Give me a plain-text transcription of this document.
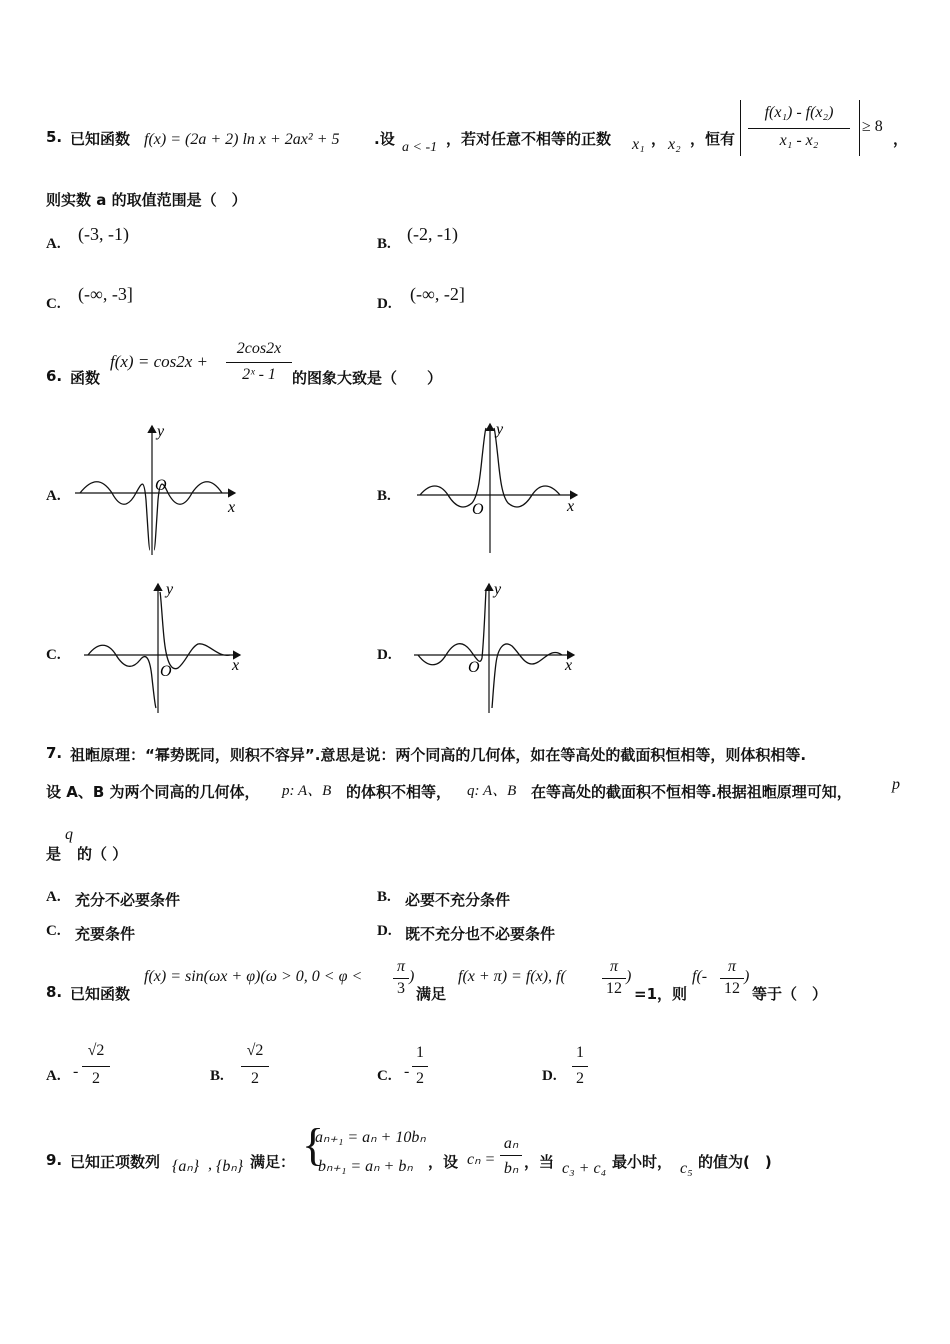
5. 已知函数 f(x) = (2a + 2) ln x + 2ax² + 5 .设 a < -1 ，若对任意不相等的正数 x₁ ， x₂ ，恒有
f(x₁) - f(x₂)
x₁ - x₂
≥ 8
，
则实数 a 的取值范围是（　）
A. (-3, -1)	B. (-2, -1)
C. (-∞, -3]	D. (-∞, -2]
6. 函数
f(x) = cos2x +
2cos2x
2ˣ - 1	的图象大致是（　　）
A.	B.
C.	D.
y
x
O
y
x
O
y
x
O
y
x
O
7. 祖暅原理：“幂势既同，则积不容异”.意思是说：两个同高的几何体，如在等高处的截面积恒相等，则体积相等.
设 A、B 为两个同高的几何体， p: A、B 的体积不相等， q: A、B 在等高处的截面积不恒相等.根据祖暅原理可知，	p
是
q
的（ ）
A. 充分不必要条件	B. 必要不充分条件
C. 充要条件	D. 既不充分也不必要条件
8. 已知函数
f(x) = sin(ωx + φ)(ω > 0, 0 < φ <
π
3
)
满足
f(x + π) = f(x), f(
π
12
)
=1，则
f(-
π
12
)
等于（　）
A. -
√2
2	B.
√2
2	C. -
1
2	D.
1
2
9. 已知正项数列 {aₙ} , {bₙ} 满足： {
aₙ₊₁ = aₙ + 10bₙ
bₙ₊₁ = aₙ + bₙ ，设 cₙ =
aₙ
bₙ ，当 c₃ + c₄ 最小时， c₅ 的值为(　)
